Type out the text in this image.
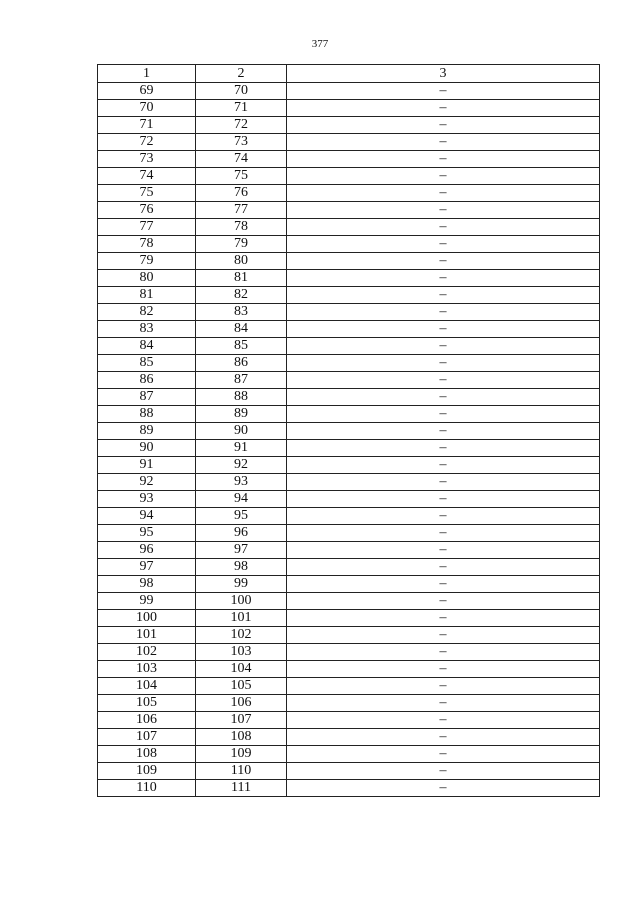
377
1	2	3
69	70	–
70	71	–
71	72	–
72	73	–
73	74	–
74	75	–
75	76	–
76	77	–
77	78	–
78	79	–
79	80	–
80	81	–
81	82	–
82	83	–
83	84	–
84	85	–
85	86	–
86	87	–
87	88	–
88	89	–
89	90	–
90	91	–
91	92	–
92	93	–
93	94	–
94	95	–
95	96	–
96	97	–
97	98	–
98	99	–
99	100	–
100	101	–
101	102	–
102	103	–
103	104	–
104	105	–
105	106	–
106	107	–
107	108	–
108	109	–
109	110	–
110	111	–
